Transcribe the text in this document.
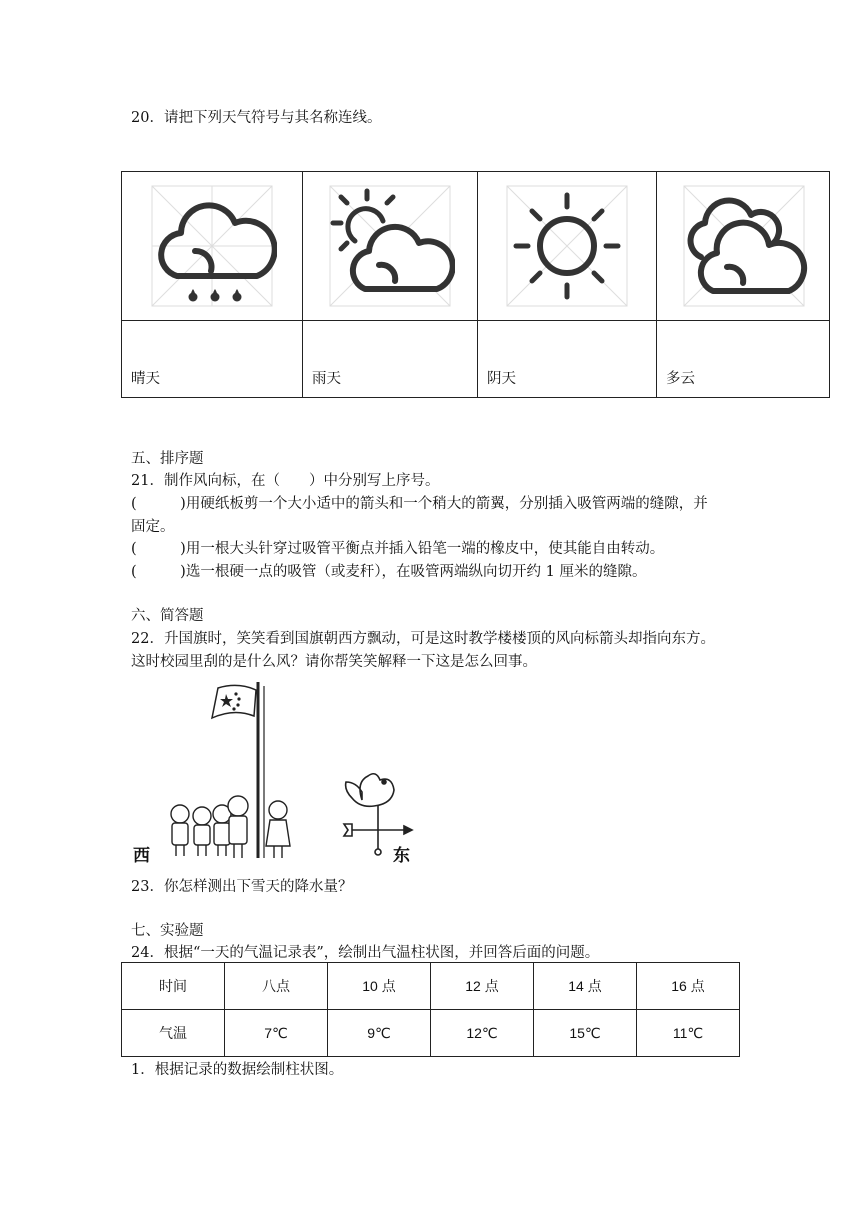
20．请把下列天气符号与其名称连线。
晴天	雨天	阴天	多云
五、排序题
21．制作风向标，在（　　）中分别写上序号。
(　　　)用硬纸板剪一个大小适中的箭头和一个稍大的箭翼，分别插入吸管两端的缝隙，并
固定。
(　　　)用一根大头针穿过吸管平衡点并插入铅笔一端的橡皮中，使其能自由转动。
(　　　)选一根硬一点的吸管（或麦秆），在吸管两端纵向切开约 1 厘米的缝隙。
六、简答题
22．升国旗时，笑笑看到国旗朝西方飘动，可是这时教学楼楼顶的风向标箭头却指向东方。
这时校园里刮的是什么风？请你帮笑笑解释一下这是怎么回事。
西	东
23．你怎样测出下雪天的降水量？
七、实验题
24．根据“一天的气温记录表”，绘制出气温柱状图，并回答后面的问题。
时间	八点	10 点	12 点	14 点	16 点
气温	7℃	9℃	12℃	15℃	11℃
1．根据记录的数据绘制柱状图。
